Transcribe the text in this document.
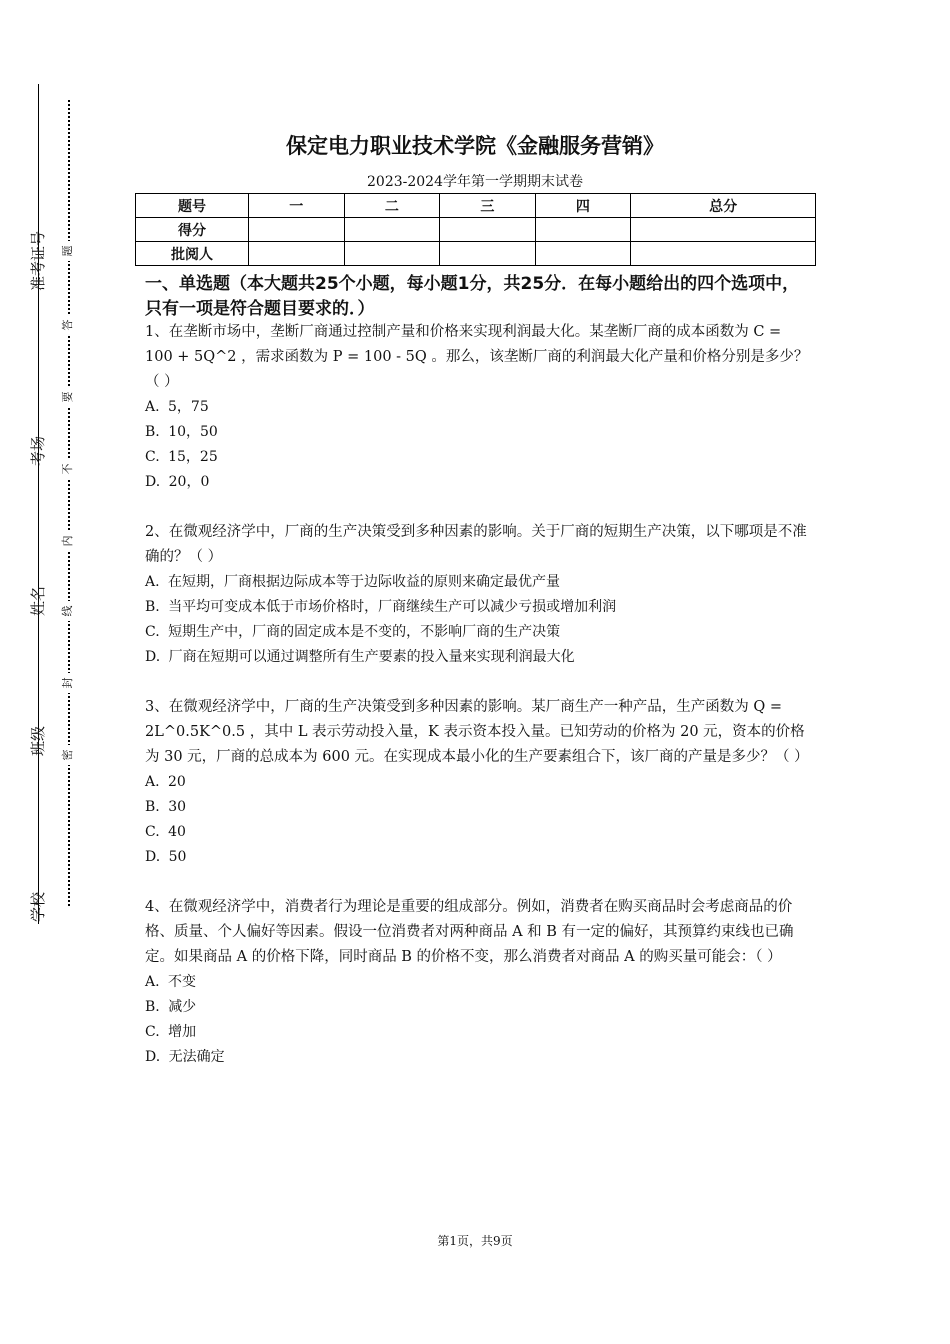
准考证号
考场
姓名
班级
学校
题
答
要
不
内
线
封
密
保定电力职业技术学院《金融服务营销》
2023-2024学年第一学期期末试卷
题号	一	二	三	四	总分
得分					
批阅人					
一、单选题（本大题共25个小题，每小题1分，共25分．在每小题给出的四个选项中，只有一项是符合题目要求的．）

1、在垄断市场中，垄断厂商通过控制产量和价格来实现利润最大化。某垄断厂商的成本函数为 C = 100 + 5Q^2 ，需求函数为 P = 100 - 5Q 。那么，该垄断厂商的利润最大化产量和价格分别是多少？（ ）

A. 5，75

B. 10，50

C. 15，25

D. 20，0

2、在微观经济学中，厂商的生产决策受到多种因素的影响。关于厂商的短期生产决策，以下哪项是不准确的？（ ）

A. 在短期，厂商根据边际成本等于边际收益的原则来确定最优产量

B. 当平均可变成本低于市场价格时，厂商继续生产可以减少亏损或增加利润

C. 短期生产中，厂商的固定成本是不变的，不影响厂商的生产决策

D. 厂商在短期可以通过调整所有生产要素的投入量来实现利润最大化

3、在微观经济学中，厂商的生产决策受到多种因素的影响。某厂商生产一种产品，生产函数为 Q = 2L^0.5K^0.5 ，其中 L 表示劳动投入量，K 表示资本投入量。已知劳动的价格为 20 元，资本的价格为 30 元，厂商的总成本为 600 元。在实现成本最小化的生产要素组合下，该厂商的产量是多少？（ ）

A. 20

B. 30

C. 40

D. 50

4、在微观经济学中，消费者行为理论是重要的组成部分。例如，消费者在购买商品时会考虑商品的价格、质量、个人偏好等因素。假设一位消费者对两种商品 A 和 B 有一定的偏好，其预算约束线也已确定。如果商品 A 的价格下降，同时商品 B 的价格不变，那么消费者对商品 A 的购买量可能会：（ ）

A. 不变

B. 减少

C. 增加

D. 无法确定

第1页，共9页
